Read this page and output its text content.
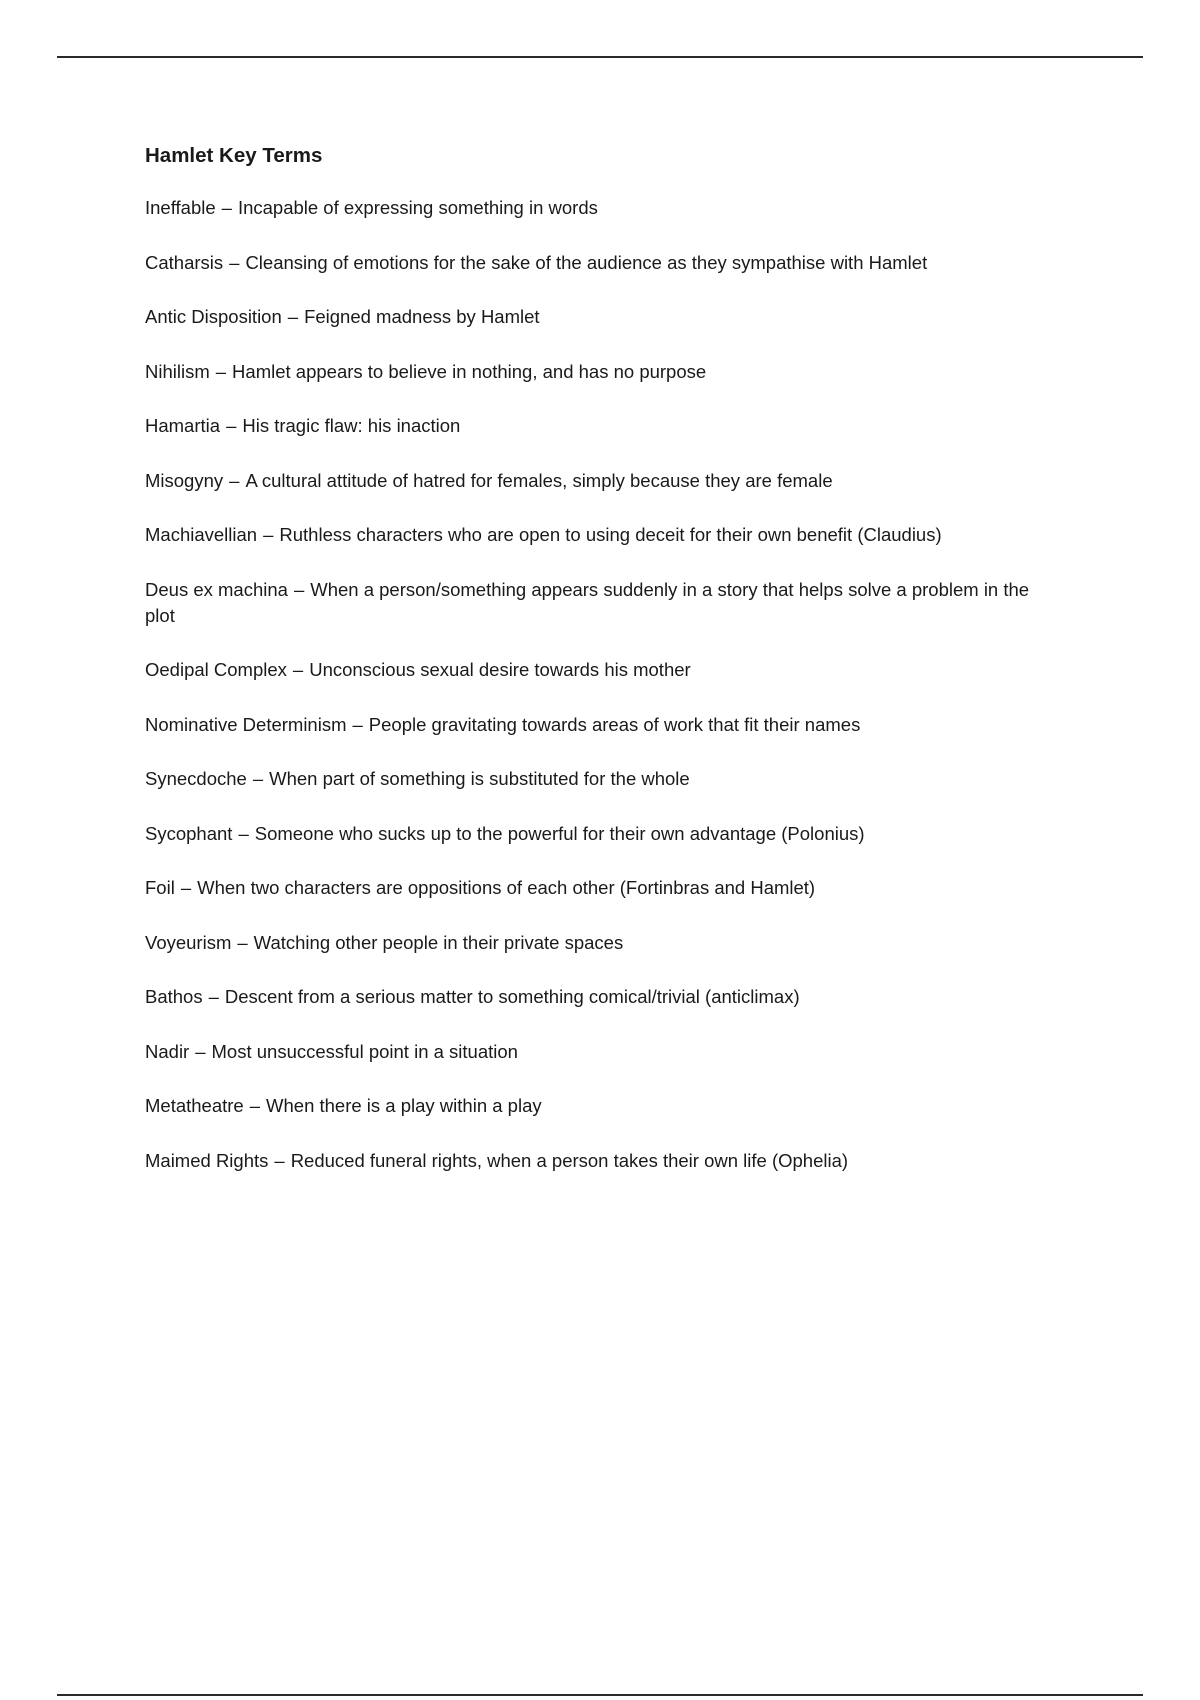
Hamlet Key Terms
Ineffable – Incapable of expressing something in words
Catharsis – Cleansing of emotions for the sake of the audience as they sympathise with Hamlet
Antic Disposition – Feigned madness by Hamlet
Nihilism – Hamlet appears to believe in nothing, and has no purpose
Hamartia – His tragic flaw: his inaction
Misogyny – A cultural attitude of hatred for females, simply because they are female
Machiavellian – Ruthless characters who are open to using deceit for their own benefit (Claudius)
Deus ex machina – When a person/something appears suddenly in a story that helps solve a problem in the plot
Oedipal Complex – Unconscious sexual desire towards his mother
Nominative Determinism – People gravitating towards areas of work that fit their names
Synecdoche – When part of something is substituted for the whole
Sycophant – Someone who sucks up to the powerful for their own advantage (Polonius)
Foil – When two characters are oppositions of each other (Fortinbras and Hamlet)
Voyeurism – Watching other people in their private spaces
Bathos – Descent from a serious matter to something comical/trivial (anticlimax)
Nadir – Most unsuccessful point in a situation
Metatheatre – When there is a play within a play
Maimed Rights – Reduced funeral rights, when a person takes their own life (Ophelia)
